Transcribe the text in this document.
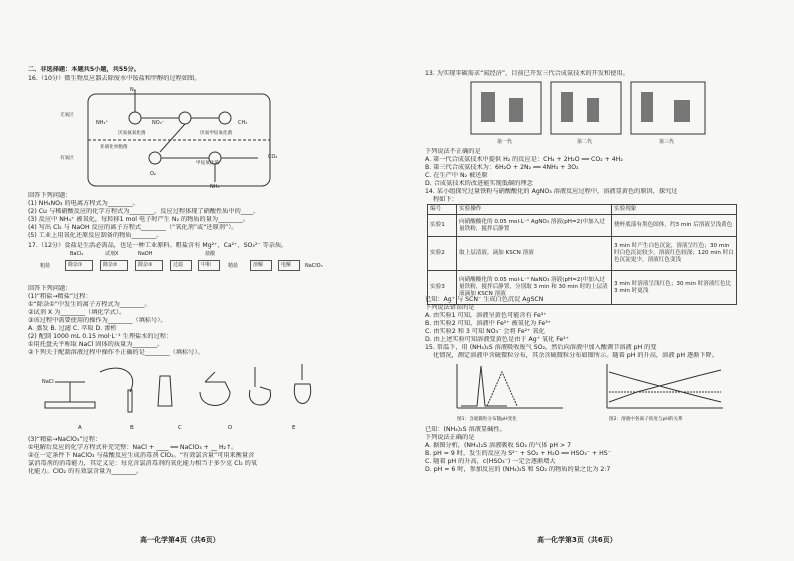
二、非选择题：本题共5小题，共55分。
16.（10分）微生物反应器去除废水中铵盐和甲醇的过程如图。
N₂
NH₄⁺	NO₃⁻	CH₃
CO₂
O₂
NH₃
厌氧氨氧化菌	厌氧甲烷氧化菌
亚硝化单胞菌
甲烷氧化菌
无氧区
有氧区
回答下列问题：
(1) NH₄NO₃ 的电离方程式为________。
(2) Cu 与稀硝酸反应的化学方程式为________，反应过程体现了硝酸性质中的____，
(3) 反应中 NH₄⁺ 被氧化，每转移1 mol 电子时产生 N₂ 的物质的量为________。
(4) 写出 Cl₂ 与 NaOH 反应的离子方程式________（“氧化剂”或“还原剂”）。
(5) 工业上用氧化还原反应制备的物质________。
17.（12分）食盐是生活必需品，也是一种工业原料。粗盐含有 Mg²⁺、Ca²⁺、SO₄²⁻ 等杂质。
BaCl₂	试剂X	NaOH	盐酸
粗盐	除杂①	除杂②	除杂③	过滤	中和	精盐	溶解	电解	NaClO₃
回答下列问题：
(1)“粗盐→精盐”过程：
①“除杂①”中发生的离子方程式为________。
②试剂 X 为________（填化学式）。
③该过程中需要使用的操作为________（填标号）。
A. 蒸发 B. 过滤 C. 萃取 D. 渗析
(2) 配制 1000 mL 0.15 mol·L⁻¹ 生理盐水的过程：
①用托盘天平称取 NaCl 固体的质量为________。
②下列关于配制溶液过程中操作不正确的是________（填标号）。
NaCl
A	B	C	D	E
(3)“精盐→NaClO₃”过程：
①电解后反应的化学方程式补充完整：NaCl + ____ ══ NaClO₃ + __ H₂↑。
②在一定条件下 NaClO₃ 与盐酸反应生成消毒剂 ClO₂。“有效氯含量”可用来衡量含
氯消毒剂的消毒能力，其定义是：每克含氯消毒剂的氧化能力相当于多少克 Cl₂ 的氧
化能力。ClO₂ 的有效氯含量为________。
高一化学第4页（共6页）
13. 为实现零碳需求“氮经济”，目前已开发三代合成氨技术的开发和使用。
第一代	第二代	第三代
下列说法不正确的是
A. 第一代合成氨技术中提供 H₂ 的反应是：CH₄ + 2H₂O ══ CO₂ + 4H₂
B. 第三代合成氨技术为：6H₂O + 2N₂ ══ 4NH₃ + 3O₂
C. 在生产中 N₂ 被还原
D. 合成氨技术的改进能实现低碳的理念
14. 某小组探究过量铁粉与硝酸酸化的 AgNO₃ 溶液反应过程中，溶液显黄色的原因，探究过
程如下：
编号	实验操作	实验现象
实验1	向硝酸酸化的 0.05 mol·L⁻¹ AgNO₃ 溶液(pH=2)中加入过量铁粉，搅拌后静置	烧杯底部有黑色固体，约3 min 后溶液呈浅黄色
实验2	取上层清液，滴加 KSCN 溶液	3 min 时产生白色沉淀，溶液呈红色；30 min 时白色沉淀较少，溶液红色较深；120 min 时白色沉淀更少，溶液红色变浅
实验3	向硝酸酸化的 0.05 mol·L⁻¹ NaNO₃ 溶液(pH=2)中加入过量铁粉，搅拌后静置，分别取 3 min 和 30 min 时的上层清液滴加 KSCN 溶液	3 min 时溶液呈浅红色；30 min 时溶液红色比 3 min 时更浅
已知：Ag⁺ 与 SCN⁻ 生成白色沉淀 AgSCN
下列说法错误的是
A. 由实验1 可知，溶液呈黄色可能含有 Fe³⁺
B. 由实验2 可知，溶液中 Fe²⁺ 被氧化为 Fe³⁺
C. 由实验2 和 3 可知 NO₃⁻ 会将 Fe²⁺ 氧化
D. 由上述实验可知溶液变黄色是由于 Ag⁺ 氧化 Fe²⁺
15. 常温下，用 (NH₄)₂S 溶液吸收废气 SO₂，然后向溶液中加入酸调节溶液 pH 的变
化情况，测定溶液中含硫微粒分布，其余含硫微粒分布如图所示。随着 pH 的升高，溶液 pH 逐渐下降。
图1：含硫微粒分布随pH变化	图2：溶液中各离子浓度与pH的关系
已知：(NH₄)₂S 溶液显碱性。
下列说法正确的是
A. 据图分析，(NH₄)₂S 溶液吸收 SO₂ 的气体 pH > 7
B. pH = 9 时，发生的反应为 S²⁻ + SO₂ + H₂O ══ HSO₃⁻ + HS⁻
C. 随着 pH 的升高，c(HSO₃⁻) 一定会逐渐增大
D. pH = 6 时，参加反应的 (NH₄)₂S 和 SO₂ 的物质的量之比为 2:7
高一化学第3页（共6页）
